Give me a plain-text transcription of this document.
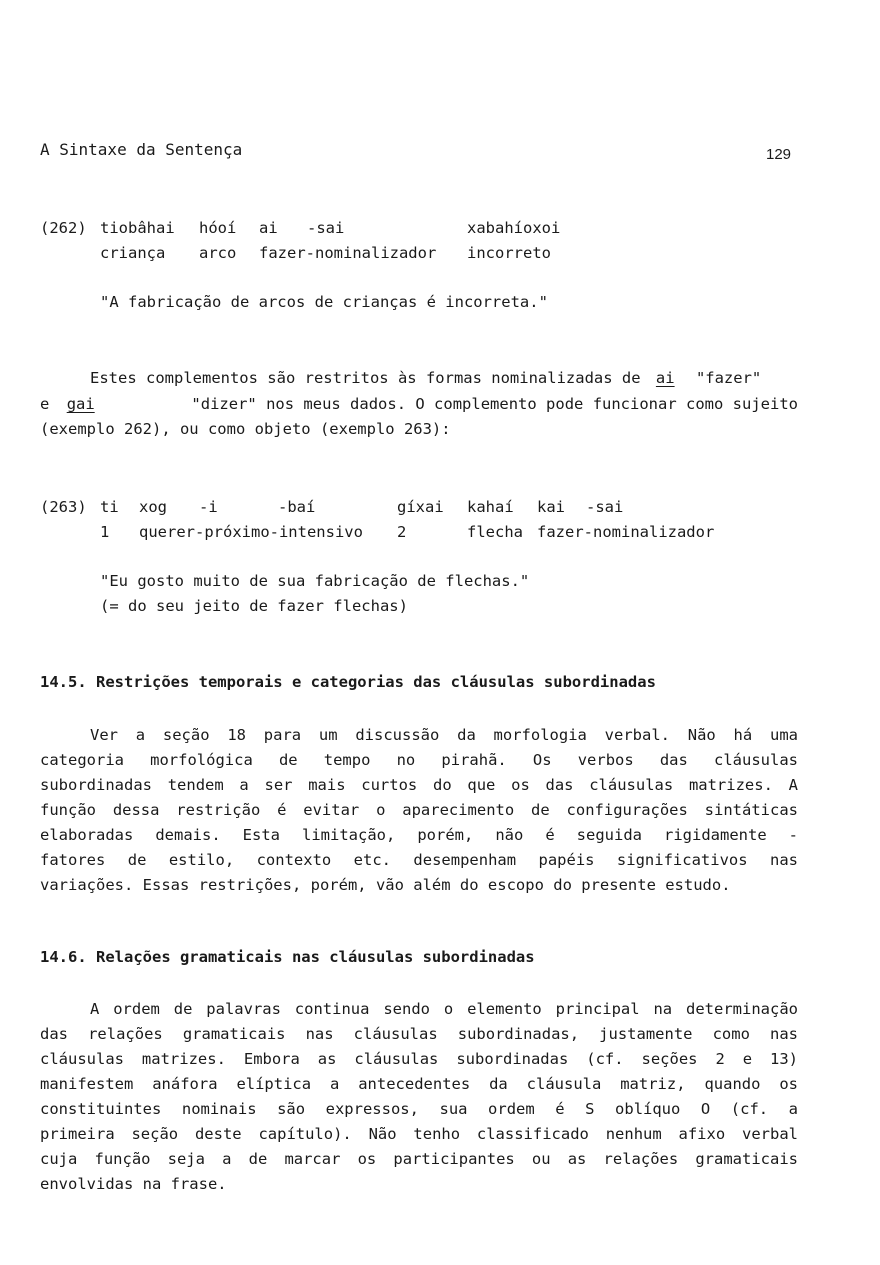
A Sintaxe da Sentença	129
(262) tiobâhai hóoí ai -sai	xabahíoxoi
criança arco fazer-nominalizador incorreto
"A fabricação de arcos de crianças é incorreta."
Estes complementos são restritos às formas nominalizadas de ai "fazer"
e gai	"dizer" nos meus dados. O complemento pode funcionar como sujeito
(exemplo 262), ou como objeto (exemplo 263):
(263) ti xog -i	-baí	gíxai kahaí kai -sai
1 querer-próximo-intensivo 2	flecha fazer-nominalizador
"Eu gosto muito de sua fabricação de flechas."
(= do seu jeito de fazer flechas)
14.5. Restrições temporais e categorias das cláusulas subordinadas
Ver a seção 18 para um discussão da morfologia verbal. Não há uma
categoria morfológica de tempo no pirahã. Os verbos das cláusulas
subordinadas tendem a ser mais curtos do que os das cláusulas matrizes. A
função dessa restrição é evitar o aparecimento de configurações sintáticas
elaboradas demais. Esta limitação, porém, não é seguida rigidamente -
fatores de estilo, contexto etc. desempenham papéis significativos nas
variações. Essas restrições, porém, vão além do escopo do presente estudo.
14.6. Relações gramaticais nas cláusulas subordinadas
A ordem de palavras continua sendo o elemento principal na determinação
das relações gramaticais nas cláusulas subordinadas, justamente como nas
cláusulas matrizes. Embora as cláusulas subordinadas (cf. seções 2 e 13)
manifestem anáfora elíptica a antecedentes da cláusula matriz, quando os
constituintes nominais são expressos, sua ordem é S oblíquo O (cf. a
primeira seção deste capítulo). Não tenho classificado nenhum afixo verbal
cuja função seja a de marcar os participantes ou as relações gramaticais
envolvidas na frase.
